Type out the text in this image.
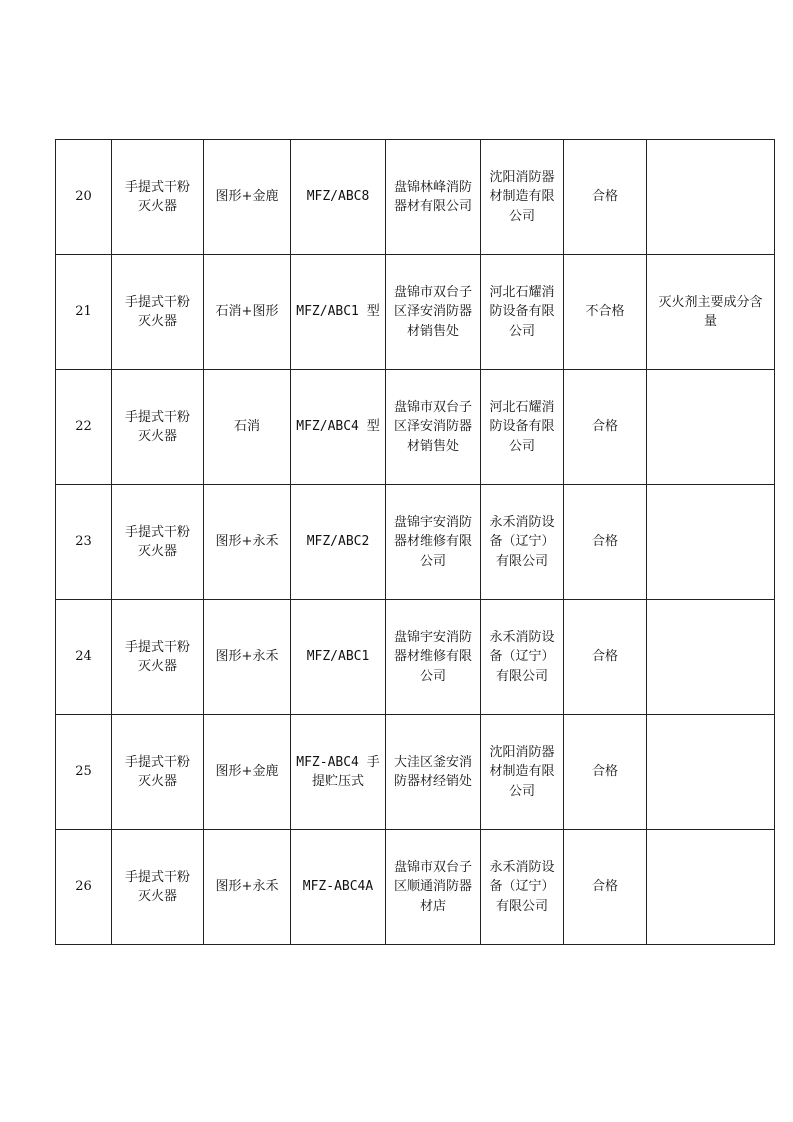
20	手提式干粉
灭火器	图形+金鹿	MFZ/ABC8	盘锦林峰消防
器材有限公司	沈阳消防器
材制造有限
公司	合格	
21	手提式干粉
灭火器	石消+图形	MFZ/ABC1 型	盘锦市双台子
区泽安消防器
材销售处	河北石耀消
防设备有限
公司	不合格	灭火剂主要成分含
量

22	手提式干粉
灭火器	石消	MFZ/ABC4 型	盘锦市双台子
区泽安消防器
材销售处	河北石耀消
防设备有限
公司	合格	
23	手提式干粉
灭火器	图形+永禾	MFZ/ABC2	盘锦宇安消防
器材维修有限
公司	永禾消防设
备（辽宁）
有限公司	合格	
24	手提式干粉
灭火器	图形+永禾	MFZ/ABC1	盘锦宇安消防
器材维修有限
公司	永禾消防设
备（辽宁）
有限公司	合格	
25	手提式干粉
灭火器	图形+金鹿	MFZ-ABC4 手
提贮压式	大洼区釜安消
防器材经销处	沈阳消防器
材制造有限
公司	合格	
26	手提式干粉
灭火器	图形+永禾	MFZ-ABC4A	盘锦市双台子
区顺通消防器
材店	永禾消防设
备（辽宁）
有限公司	合格	
